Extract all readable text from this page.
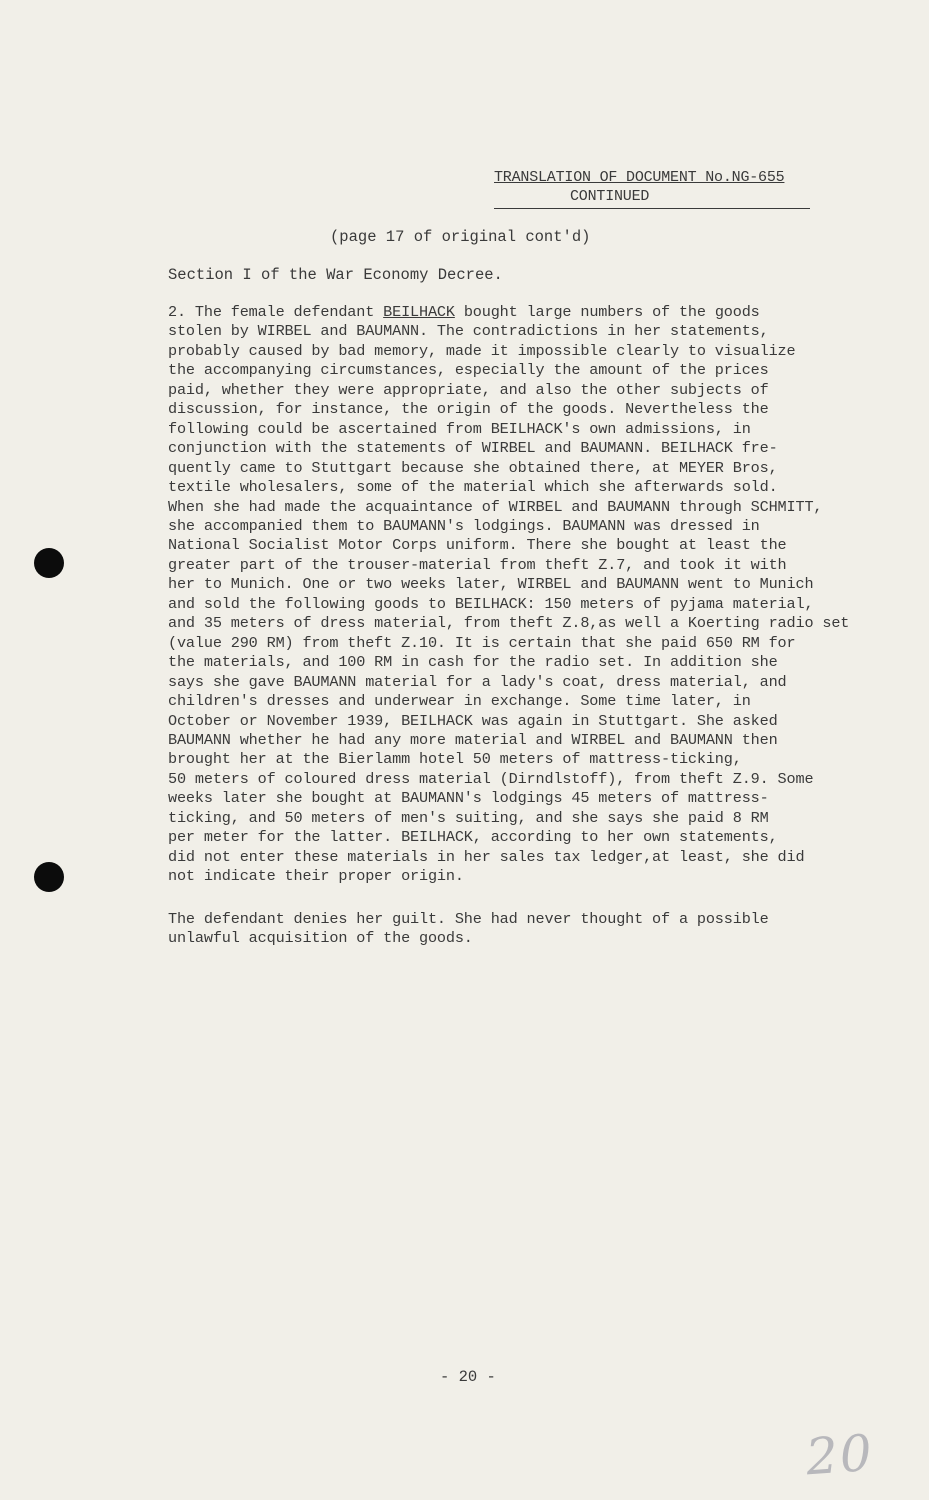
TRANSLATION OF DOCUMENT No.NG-655

CONTINUED
(page 17 of original cont'd)
Section I of the War Economy Decree.
2. The female defendant BEILHACK bought large numbers of the goods
stolen by WIRBEL and BAUMANN. The contradictions in her statements,
probably caused by bad memory, made it impossible clearly to visualize
the accompanying circumstances, especially the amount of the prices
paid, whether they were appropriate, and also the other subjects of
discussion, for instance, the origin of the goods. Nevertheless the
following could be ascertained from BEILHACK's own admissions, in
conjunction with the statements of WIRBEL and BAUMANN. BEILHACK fre-
quently came to Stuttgart because she obtained there, at MEYER Bros,
textile wholesalers, some of the material which she afterwards sold.
When she had made the acquaintance of WIRBEL and BAUMANN through SCHMITT,
she accompanied them to BAUMANN's lodgings. BAUMANN was dressed in
National Socialist Motor Corps uniform. There she bought at least the
greater part of the trouser-material from theft Z.7, and took it with
her to Munich. One or two weeks later, WIRBEL and BAUMANN went to Munich
and sold the following goods to BEILHACK: 150 meters of pyjama material,
and 35 meters of dress material, from theft Z.8,as well a Koerting radio set
(value 290 RM) from theft Z.10. It is certain that she paid 650 RM for
the materials, and 100 RM in cash for the radio set. In addition she
says she gave BAUMANN material for a lady's coat, dress material, and
children's dresses and underwear in exchange. Some time later, in
October or November 1939, BEILHACK was again in Stuttgart. She asked
BAUMANN whether he had any more material and WIRBEL and BAUMANN then
brought her at the Bierlamm hotel 50 meters of mattress-ticking,
50 meters of coloured dress material (Dirndlstoff), from theft Z.9. Some
weeks later she bought at BAUMANN's lodgings 45 meters of mattress-
ticking, and 50 meters of men's suiting, and she says she paid 8 RM
per meter for the latter. BEILHACK, according to her own statements,
did not enter these materials in her sales tax ledger,at least, she did
not indicate their proper origin.
The defendant denies her guilt. She had never thought of a possible
unlawful acquisition of the goods.
- 20 -
20
